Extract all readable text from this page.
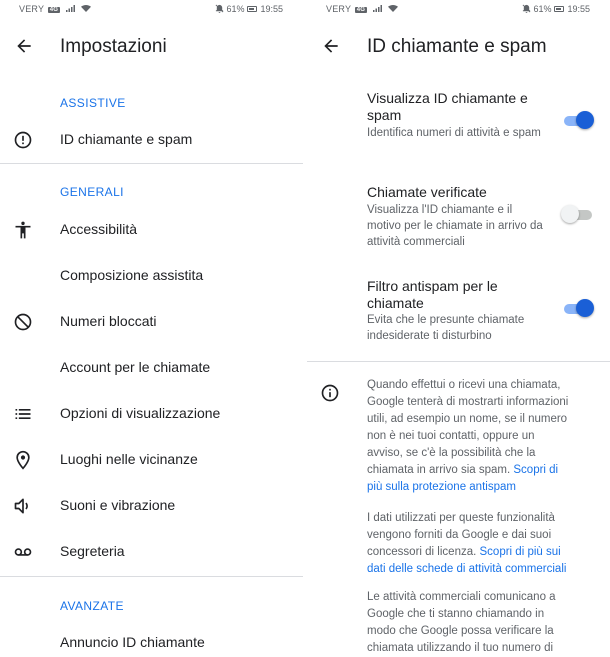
VERY 4G	61% 19:55
Impostazioni
ASSISTIVE
ID chiamante e spam
GENERALI
Accessibilità
Composizione assistita
Numeri bloccati
Account per le chiamate
Opzioni di visualizzazione
Luoghi nelle vicinanze
Suoni e vibrazione
Segreteria
AVANZATE
Annuncio ID chiamante
VERY 4G	61% 19:55
ID chiamante e spam
Visualizza ID chiamante e spam
Identifica numeri di attività e spam
Chiamate verificate
Visualizza l'ID chiamante e il motivo per le chiamate in arrivo da attività commerciali
Filtro antispam per le chiamate
Evita che le presunte chiamate indesiderate ti disturbino
Quando effettui o ricevi una chiamata, Google tenterà di mostrarti informazioni utili, ad esempio un nome, se il numero non è nei tuoi contatti, oppure un avviso, se c'è la possibilità che la chiamata in arrivo sia spam. Scopri di più sulla protezione antispam
I dati utilizzati per queste funzionalità vengono forniti da Google e dai suoi concessori di licenza. Scopri di più sui dati delle schede di attività commerciali
Le attività commerciali comunicano a Google che ti stanno chiamando in modo che Google possa verificare la chiamata utilizzando il tuo numero di
